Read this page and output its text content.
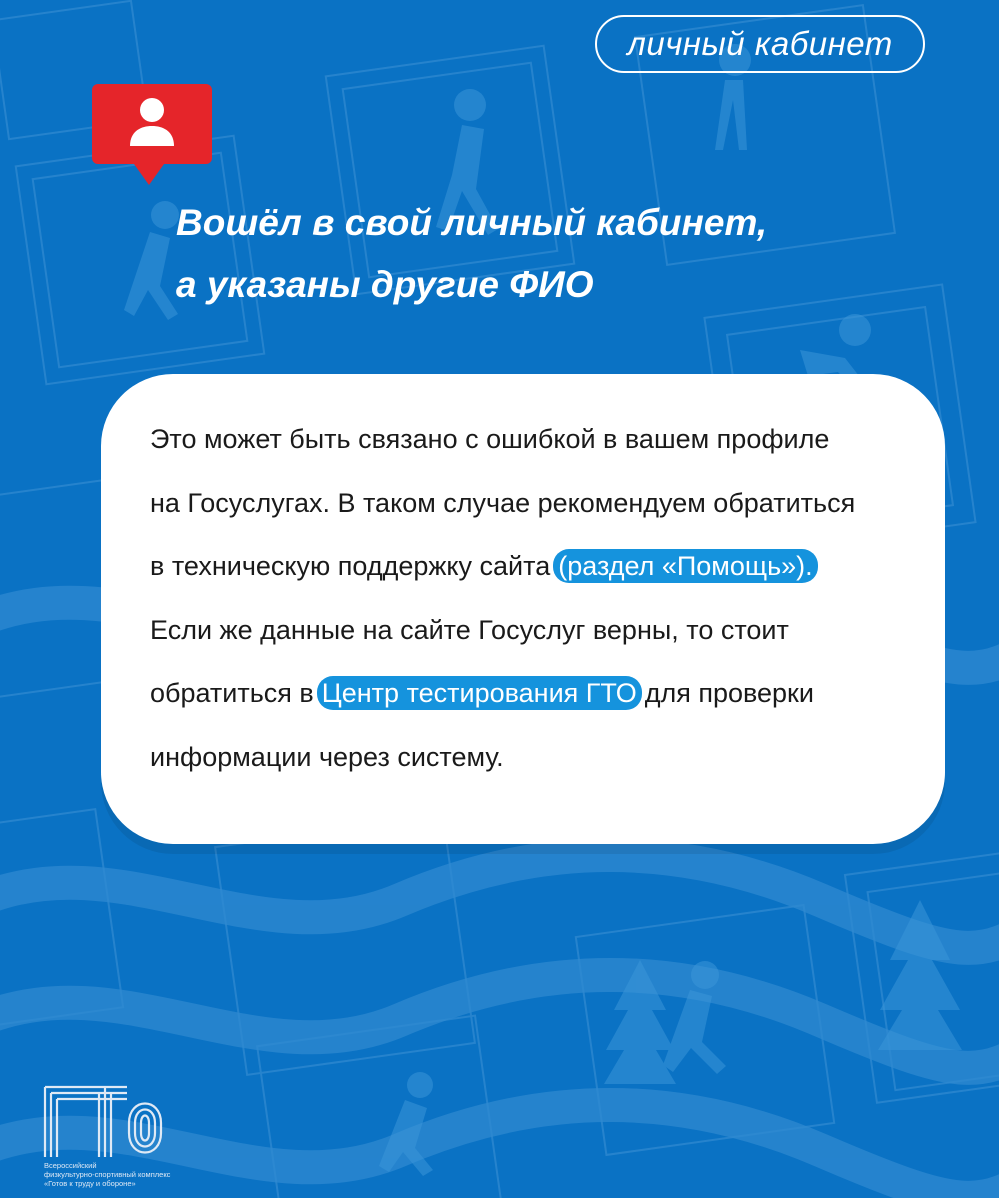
личный кабинет
Вошёл в свой личный кабинет,
а указаны другие ФИО
Это может быть связано с ошибкой в вашем профиле
на Госуслугах. В таком случае рекомендуем обратиться
в техническую поддержку сайта (раздел «Помощь»).
Если же данные на сайте Госуслуг верны, то стоит
обратиться в Центр тестирования ГТО для проверки
информации через систему.
Всероссийский
физкультурно-спортивный комплекс
«Готов к труду и обороне»
